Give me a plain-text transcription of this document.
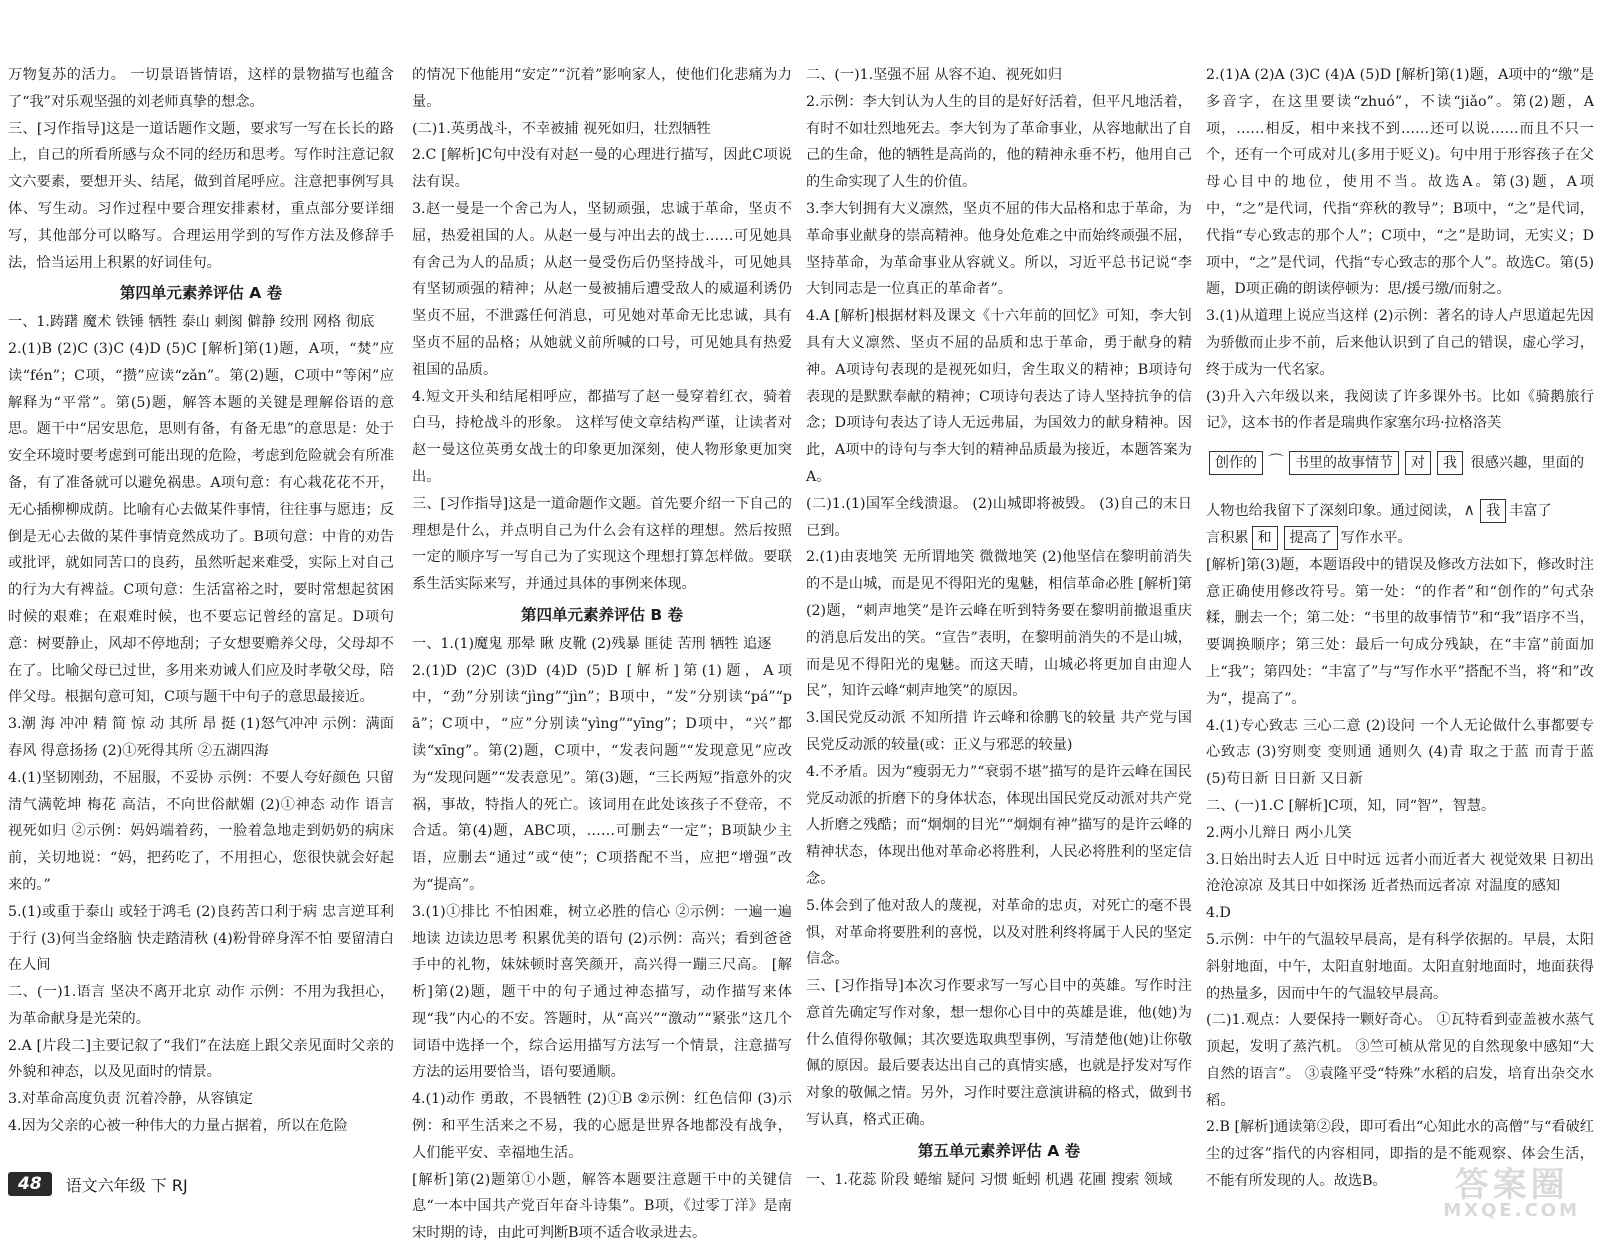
万物复苏的活力。 一切景语皆情语，这样的景物描写也蕴含了“我”对乐观坚强的刘老师真挚的想念。

三、[习作指导]这是一道话题作文题，要求写一写在长长的路上，自己的所看所感与众不同的经历和思考。写作时注意记叙文六要素，要想开头、结尾，做到首尾呼应。注意把事例写具体、写生动。习作过程中要合理安排素材，重点部分要详细写，其他部分可以略写。合理运用学到的写作方法及修辞手法，恰当运用上积累的好词佳句。

第四单元素养评估 A 卷

一、1.踌躇 魔术 铁锤 牺牲 泰山 刺阂 僻静 绞刑 网格 彻底

2.(1)B (2)C (3)C (4)D (5)C [解析]第(1)题，A项，“焚”应读“fén”；C项，“攒”应读“zǎn”。第(2)题，C项中“等闲”应解释为“平常”。第(5)题，解答本题的关键是理解俗语的意思。题干中“居安思危，思则有备，有备无患”的意思是：处于安全环境时要考虑到可能出现的危险，考虑到危险就会有所准备，有了准备就可以避免祸患。A项句意：有心栽花花不开，无心插柳柳成荫。比喻有心去做某件事情，往往事与愿违；反倒是无心去做的某件事情竟然成功了。B项句意：中肯的劝告或批评，就如同苦口的良药，虽然听起来难受，实际上对自己的行为大有裨益。C项句意：生活富裕之时，要时常想起贫困时候的艰难；在艰难时候，也不要忘记曾经的富足。D项句意：树要静止，风却不停地刮；子女想要赡养父母，父母却不在了。比喻父母已过世，多用来劝诫人们应及时孝敬父母，陪伴父母。根据句意可知，C项与题干中句子的意思最接近。

3.潮 海 冲冲 精 简 惊 动 其所 昂 挺 (1)怒气冲冲 示例：满面春风 得意扬扬 (2)①死得其所 ②五湖四海

4.(1)坚韧刚劲，不屈服，不妥协 示例：不要人夸好颜色 只留清气满乾坤 梅花 高洁，不向世俗献媚 (2)①神态 动作 语言 视死如归 ②示例：妈妈端着药，一脸着急地走到奶奶的病床前，关切地说：“妈，把药吃了，不用担心，您很快就会好起来的。”

5.(1)或重于泰山 或轻于鸿毛 (2)良药苦口利于病 忠言逆耳利于行 (3)何当金络脑 快走踏清秋 (4)粉骨碎身浑不怕 要留清白在人间

二、(一)1.语言 坚决不离开北京 动作 示例：不用为我担心，为革命献身是光荣的。

2.A [片段二]主要记叙了“我们”在法庭上跟父亲见面时父亲的外貌和神态，以及见面时的情景。

3.对革命高度负责 沉着冷静，从容镇定

4.因为父亲的心被一种伟大的力量占据着，所以在危险

的情况下他能用“安定”“沉着”影响家人，使他们化悲痛为力量。

(二)1.英勇战斗，不幸被捕 视死如归，壮烈牺牲

2.C [解析]C句中没有对赵一曼的心理进行描写，因此C项说法有误。

3.赵一曼是一个舍己为人，坚韧顽强，忠诚于革命，坚贞不屈，热爱祖国的人。从赵一曼与冲出去的战士……可见她具有舍己为人的品质；从赵一曼受伤后仍坚持战斗，可见她具有坚韧顽强的精神；从赵一曼被捕后遭受敌人的威逼利诱仍坚贞不屈，不泄露任何消息，可见她对革命无比忠诚，具有坚贞不屈的品格；从她就义前所喊的口号，可见她具有热爱祖国的品质。

4.短文开头和结尾相呼应，都描写了赵一曼穿着红衣，骑着白马，持枪战斗的形象。 这样写使文章结构严谨，让读者对赵一曼这位英勇女战士的印象更加深刻，使人物形象更加突出。

三、[习作指导]这是一道命题作文题。首先要介绍一下自己的理想是什么，并点明自己为什么会有这样的理想。然后按照一定的顺序写一写自己为了实现这个理想打算怎样做。要联系生活实际来写，并通过具体的事例来体现。

第四单元素养评估 B 卷

一、1.(1)魔鬼 那晕 瞅 皮靴 (2)残暴 匪徒 苦刑 牺牲 追逐

2.(1)D (2)C (3)D (4)D (5)D [解析]第(1)题，A项中，“劲”分别读“jìng”“jìn”；B项中，“发”分别读“pá”“pā”；C项中，“应”分别读“yìng”“yīng”；D项中，“兴”都读“xīng”。第(2)题，C项中，“发表问题”“发现意见”应改为“发现问题”“发表意见”。第(3)题，“三长两短”指意外的灾祸，事故，特指人的死亡。该词用在此处该孩子不登帝，不合适。第(4)题，ABC项，……可删去“一定”；B项缺少主语，应删去“通过”或“使”；C项搭配不当，应把“增强”改为“提高”。

3.(1)①排比 不怕困难，树立必胜的信心 ②示例：一遍一遍地读 边读边思考 积累优美的语句 (2)示例：高兴；看到爸爸手中的礼物，妹妹顿时喜笑颜开，高兴得一蹦三尺高。 [解析]第(2)题，题干中的句子通过神态描写，动作描写来体现“我”内心的不安。答题时，从“高兴”“激动”“紧张”这几个词语中选择一个，综合运用描写方法写一个情景，注意描写方法的运用要恰当，语句要通顺。

4.(1)动作 勇敢，不畏牺牲 (2)①B ②示例：红色信仰 (3)示例：和平生活来之不易，我的心愿是世界各地都没有战争，人们能平安、幸福地生活。

[解析]第(2)题第①小题，解答本题要注意题干中的关键信息“一本中国共产党百年奋斗诗集”。B项，《过零丁洋》是南宋时期的诗，由此可判断B项不适合收录进去。

二、(一)1.坚强不屈 从容不迫、视死如归

2.示例：李大钊认为人生的目的是好好活着，但平凡地活着，有时不如壮烈地死去。李大钊为了革命事业，从容地献出了自己的生命，他的牺牲是高尚的，他的精神永垂不朽，他用自己的生命实现了人生的价值。

3.李大钊拥有大义凛然，坚贞不屈的伟大品格和忠于革命，为革命事业献身的崇高精神。他身处危难之中而始终顽强不屈，坚持革命，为革命事业从容就义。所以，习近平总书记说“李大钊同志是一位真正的革命者”。

4.A [解析]根据材料及课文《十六年前的回忆》可知，李大钊具有大义凛然、坚贞不屈的品质和忠于革命，勇于献身的精神。A项诗句表现的是视死如归，舍生取义的精神；B项诗句表现的是默默奉献的精神；C项诗句表达了诗人坚持抗争的信念；D项诗句表达了诗人无远弗届，为国效力的献身精神。因此，A项中的诗句与李大钊的精神品质最为接近，本题答案为A。

(二)1.(1)国军全线溃退。 (2)山城即将被毁。 (3)自己的末日已到。

2.(1)由衷地笑 无所谓地笑 微微地笑 (2)他坚信在黎明前消失的不是山城，而是见不得阳光的鬼魅，相信革命必胜 [解析]第(2)题，“刺声地笑”是许云峰在听到特务要在黎明前撤退重庆的消息后发出的笑。“宣告”表明，在黎明前消失的不是山城，而是见不得阳光的鬼魅。而这天晴，山城必将更加自由迎人民”，知许云峰“刺声地笑”的原因。

3.国民党反动派 不知所措 许云峰和徐鹏飞的较量 共产党与国民党反动派的较量(或：正义与邪恶的较量)

4.不矛盾。因为“瘦弱无力”“衰弱不堪”描写的是许云峰在国民党反动派的折磨下的身体状态，体现出国民党反动派对共产党人折磨之残酷；而“炯炯的目光”“炯炯有神”描写的是许云峰的精神状态，体现出他对革命必将胜利，人民必将胜利的坚定信念。

5.体会到了他对敌人的蔑视，对革命的忠贞，对死亡的毫不畏惧，对革命将要胜利的喜悦，以及对胜利终将属于人民的坚定信念。

三、[习作指导]本次习作要求写一写心目中的英雄。写作时注意首先确定写作对象，想一想你心目中的英雄是谁，他(她)为什么值得你敬佩；其次要选取典型事例，写清楚他(她)让你敬佩的原因。最后要表达出自己的真情实感，也就是抒发对写作对象的敬佩之情。另外，习作时要注意演讲稿的格式，做到书写认真，格式正确。

第五单元素养评估 A 卷

一、1.花蕊 阶段 蜷缩 疑问 习惯 蚯蚓 机遇 花圃 搜索 领域

2.(1)A (2)A (3)C (4)A (5)D [解析]第(1)题，A项中的“缴”是多音字，在这里要读“zhuó”，不读“jiǎo”。第(2)题，A项，……相反，相中来找不到……还可以说……而且不只一个，还有一个可成对儿(多用于贬义)。句中用于形容孩子在父母心目中的地位，使用不当。故选A。第(3)题，A项中，“之”是代词，代指“弈秋的教导”；B项中，“之”是代词，代指“专心致志的那个人”；C项中，“之”是助词，无实义；D项中，“之”是代词，代指“专心致志的那个人”。故选C。第(5)题，D项正确的朗读停顿为：思/援弓缴/而射之。

3.(1)从道理上说应当这样 (2)示例：著名的诗人卢思道起先因为骄傲而止步不前，后来他认识到了自己的错误，虚心学习，终于成为一代名家。

(3)升入六年级以来，我阅读了许多课外书。比如《骑鹅旅行记》，这本书的作者是瑞典作家塞尔玛·拉格洛芙

创作的 ⌒ 书里的故事情节 对 我 很感兴趣，里面的

人物也给我留下了深刻印象。通过阅读， ∧ 我 丰富了

言积累 和 提高了 写作水平。

[解析]第(3)题，本题语段中的错误及修改方法如下，修改时注意正确使用修改符号。第一处：“的作者”和“创作的”句式杂糅，删去一个；第二处：“书里的故事情节”和“我”语序不当，要调换顺序；第三处：最后一句成分残缺，在“丰富”前面加上“我”；第四处：“丰富了”与“写作水平”搭配不当，将“和”改为“，提高了”。

4.(1)专心致志 三心二意 (2)设问 一个人无论做什么事都要专心致志 (3)穷则变 变则通 通则久 (4)青 取之于蓝 而青于蓝 (5)苟日新 日日新 又日新

二、(一)1.C [解析]C项，知，同“智”，智慧。

2.两小儿辩日 两小儿笑

3.日始出时去人近 日中时远 远者小而近者大 视觉效果 日初出沧沧凉凉 及其日中如探汤 近者热而远者凉 对温度的感知

4.D

5.示例：中午的气温较早晨高，是有科学依据的。早晨，太阳斜射地面，中午，太阳直射地面。太阳直射地面时，地面获得的热量多，因而中午的气温较早晨高。

(二)1.观点：人要保持一颗好奇心。 ①瓦特看到壶盖被水蒸气顶起，发明了蒸汽机。 ③竺可桢从常见的自然现象中感知“大自然的语言”。 ③袁隆平受“特殊”水稻的启发，培育出杂交水稻。

2.B [解析]通读第②段，即可看出“心知此水的高僧”与“看破红尘的过客”指代的内容相同，即指的是不能观察、体会生活，不能有所发现的人。故选B。

48	语文六年级 下 RJ	答案圈
MXQE.COM
